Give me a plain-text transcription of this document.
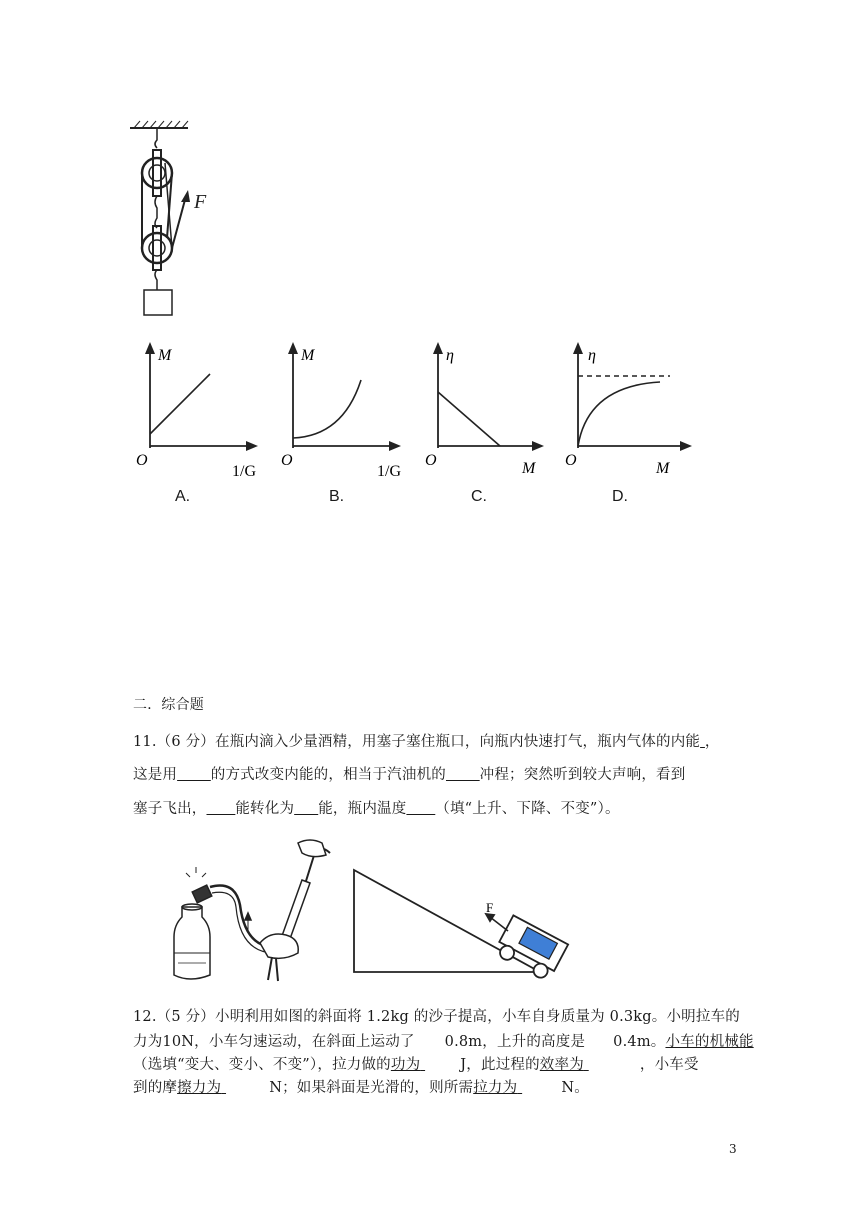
F
M
O
1/G
A.
M
O
1/G
B.
η
O	M
C.
η
O	M
D.
二．综合题
11.（6 分）在瓶内滴入少量酒精，用塞子塞住瓶口，向瓶内快速打气，瓶内气体的内能 ，
这是用 的方式改变内能的，相当于汽油机的 冲程；突然听到较大声响，看到
塞子飞出， 能转化为 能，瓶内温度 （填“上升、下降、不变”）。
F
12.（5 分）小明利用如图的斜面将 1.2kg 的沙子提高，小车自身质量为 0.3kg。小明拉车的
力为10N，小车匀速运动，在斜面上运动了 0.8m，上升的高度是 0.4m。小车的机械能
（选填“变大、变小、不变”），拉力做的功为	J，此过程的效率为	，小车受
到的摩擦力为	N；如果斜面是光滑的，则所需拉力为	N。
3
